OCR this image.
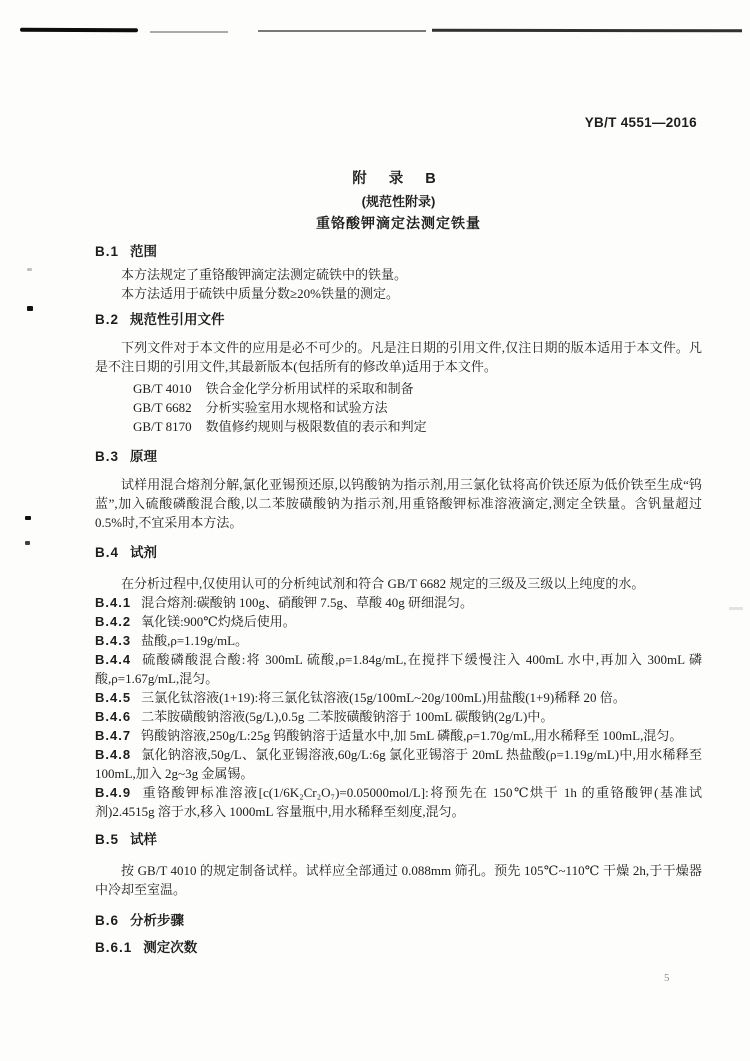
YB/T 4551—2016
5
附 录 B
(规范性附录)
重铬酸钾滴定法测定铁量
B.1 范围

本方法规定了重铬酸钾滴定法测定硫铁中的铁量。

本方法适用于硫铁中质量分数≥20%铁量的测定。

B.2 规范性引用文件

下列文件对于本文件的应用是必不可少的。凡是注日期的引用文件,仅注日期的版本适用于本文件。凡是不注日期的引用文件,其最新版本(包括所有的修改单)适用于本文件。

GB/T 4010 铁合金化学分析用试样的采取和制备
GB/T 6682 分析实验室用水规格和试验方法
GB/T 8170 数值修约规则与极限数值的表示和判定
B.3 原理

试样用混合熔剂分解,氯化亚锡预还原,以钨酸钠为指示剂,用三氯化钛将高价铁还原为低价铁至生成“钨蓝”,加入硫酸磷酸混合酸,以二苯胺磺酸钠为指示剂,用重铬酸钾标准溶液滴定,测定全铁量。含钒量超过 0.5%时,不宜采用本方法。

B.4 试剂

在分析过程中,仅使用认可的分析纯试剂和符合 GB/T 6682 规定的三级及三级以上纯度的水。

B.4.1 混合熔剂:碳酸钠 100g、硝酸钾 7.5g、草酸 40g 研细混匀。
B.4.2 氧化镁:900℃灼烧后使用。
B.4.3 盐酸,ρ=1.19g/mL。
B.4.4 硫酸磷酸混合酸:将 300mL 硫酸,ρ=1.84g/mL,在搅拌下缓慢注入 400mL 水中,再加入 300mL 磷酸,ρ=1.67g/mL,混匀。
B.4.5 三氯化钛溶液(1+19):将三氯化钛溶液(15g/100mL~20g/100mL)用盐酸(1+9)稀释 20 倍。
B.4.6 二苯胺磺酸钠溶液(5g/L),0.5g 二苯胺磺酸钠溶于 100mL 碳酸钠(2g/L)中。
B.4.7 钨酸钠溶液,250g/L:25g 钨酸钠溶于适量水中,加 5mL 磷酸,ρ=1.70g/mL,用水稀释至 100mL,混匀。
B.4.8 氯化钠溶液,50g/L、氯化亚锡溶液,60g/L:6g 氯化亚锡溶于 20mL 热盐酸(ρ=1.19g/mL)中,用水稀释至 100mL,加入 2g~3g 金属锡。
B.4.9 重铬酸钾标准溶液[c(1/6K₂Cr₂O₇)=0.05000mol/L]:将预先在 150℃烘干 1h 的重铬酸钾(基准试剂)2.4515g 溶于水,移入 1000mL 容量瓶中,用水稀释至刻度,混匀。
B.5 试样

按 GB/T 4010 的规定制备试样。试样应全部通过 0.088mm 筛孔。预先 105℃~110℃ 干燥 2h,于干燥器中冷却至室温。

B.6 分析步骤
B.6.1 测定次数
